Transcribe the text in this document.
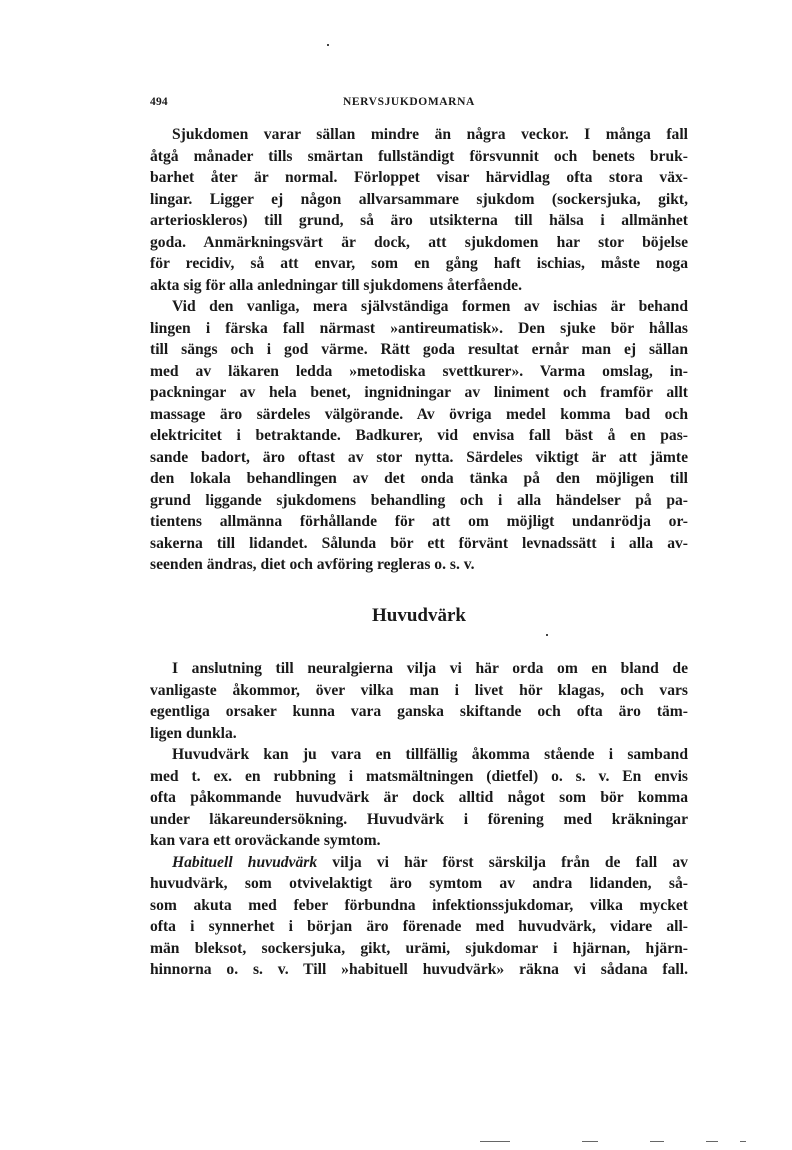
494	NERVSJUKDOMARNA
Sjukdomen varar sällan mindre än några veckor. I många fall
åtgå månader tills smärtan fullständigt försvunnit och benets bruk-
barhet åter är normal. Förloppet visar härvidlag ofta stora väx-
lingar. Ligger ej någon allvarsammare sjukdom (sockersjuka, gikt,
arterioskleros) till grund, så äro utsikterna till hälsa i allmänhet
goda. Anmärkningsvärt är dock, att sjukdomen har stor böjelse
för recidiv, så att envar, som en gång haft ischias, måste noga
akta sig för alla anledningar till sjukdomens återfående.
Vid den vanliga, mera självständiga formen av ischias är behand
lingen i färska fall närmast »antireumatisk». Den sjuke bör hållas
till sängs och i god värme. Rätt goda resultat ernår man ej sällan
med av läkaren ledda »metodiska svettkurer». Varma omslag, in-
packningar av hela benet, ingnidningar av liniment och framför allt
massage äro särdeles välgörande. Av övriga medel komma bad och
elektricitet i betraktande. Badkurer, vid envisa fall bäst å en pas-
sande badort, äro oftast av stor nytta. Särdeles viktigt är att jämte
den lokala behandlingen av det onda tänka på den möjligen till
grund liggande sjukdomens behandling och i alla händelser på pa-
tientens allmänna förhållande för att om möjligt undanrödja or-
sakerna till lidandet. Sålunda bör ett förvänt levnadssätt i alla av-
seenden ändras, diet och avföring regleras o. s. v.
Huvudvärk
I anslutning till neuralgierna vilja vi här orda om en bland de
vanligaste åkommor, över vilka man i livet hör klagas, och vars
egentliga orsaker kunna vara ganska skiftande och ofta äro täm-
ligen dunkla.
Huvudvärk kan ju vara en tillfällig åkomma stående i samband
med t. ex. en rubbning i matsmältningen (dietfel) o. s. v. En envis
ofta påkommande huvudvärk är dock alltid något som bör komma
under läkareundersökning. Huvudvärk i förening med kräkningar
kan vara ett oroväckande symtom.
Habituell huvudvärk vilja vi här först särskilja från de fall av
huvudvärk, som otvivelaktigt äro symtom av andra lidanden, så-
som akuta med feber förbundna infektionssjukdomar, vilka mycket
ofta i synnerhet i början äro förenade med huvudvärk, vidare all-
män bleksot, sockersjuka, gikt, urämi, sjukdomar i hjärnan, hjärn-
hinnorna o. s. v. Till »habituell huvudvärk» räkna vi sådana fall.
